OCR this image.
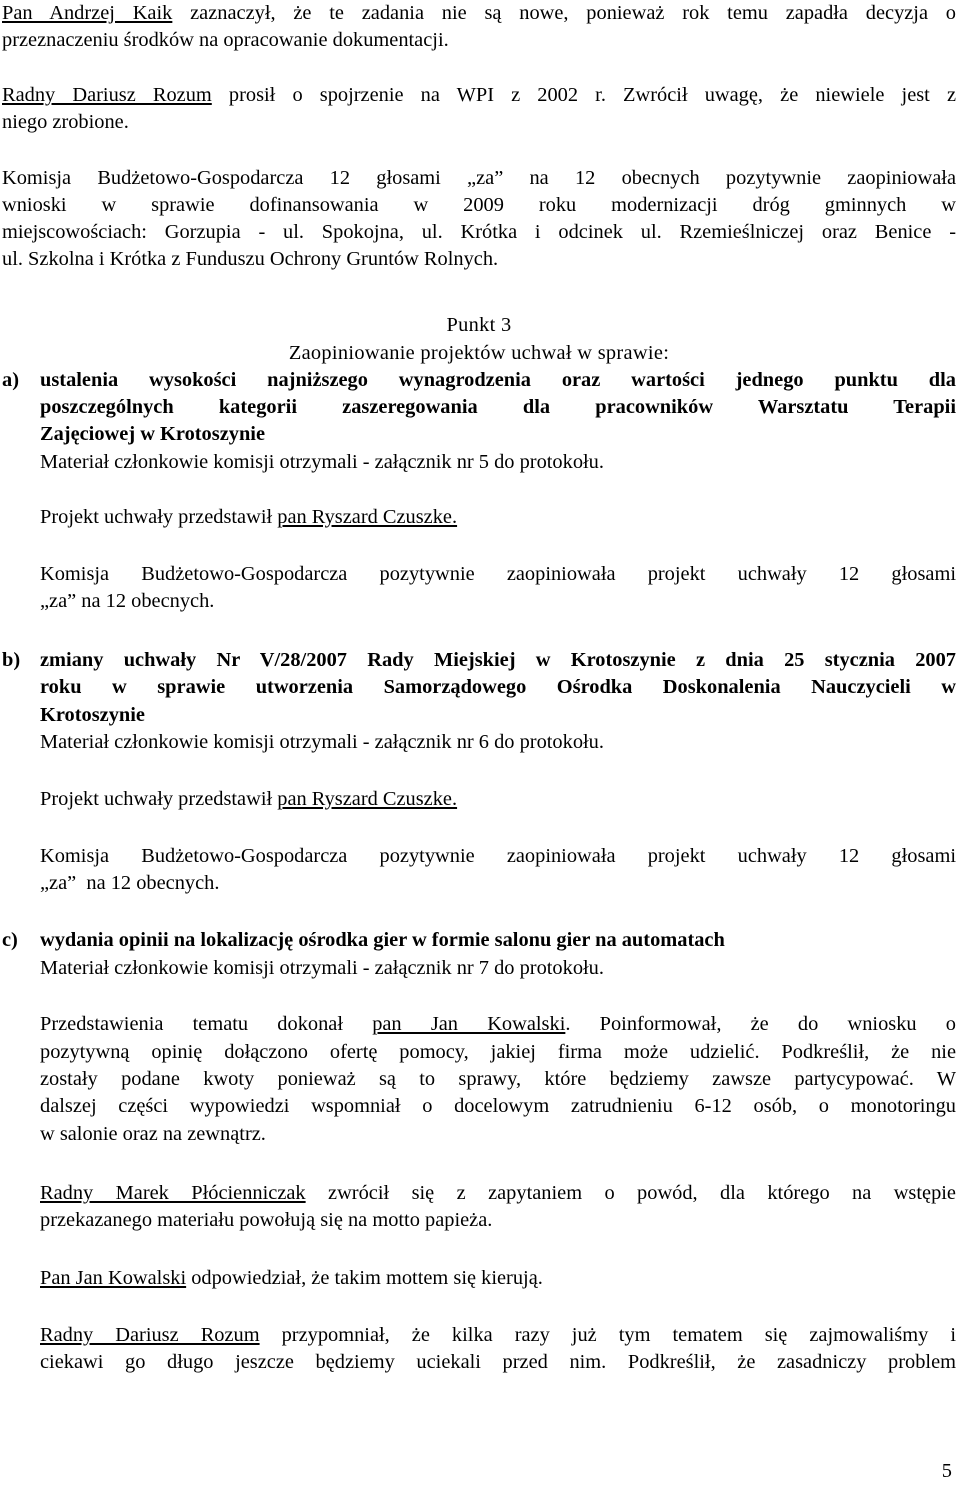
Pan Andrzej Kaik zaznaczył, że te zadania nie są nowe, ponieważ rok temu zapadła decyzja o

przeznaczeniu środków na opracowanie dokumentacji.

Radny Dariusz Rozum prosił o spojrzenie na WPI z 2002 r. Zwrócił uwagę, że niewiele jest z

niego zrobione.

Komisja Budżetowo-Gospodarcza 12 głosami „za” na 12 obecnych pozytywnie zaopiniowała

wnioski w sprawie dofinansowania w 2009 roku modernizacji dróg gminnych w

miejscowościach: Gorzupia - ul. Spokojna, ul. Krótka i odcinek ul. Rzemieślniczej oraz Benice -

ul. Szkolna i Krótka z Funduszu Ochrony Gruntów Rolnych.

Punkt 3

Zaopiniowanie projektów uchwał w sprawie:

a) ustalenia wysokości najniższego wynagrodzenia oraz wartości jednego punktu dla

poszczególnych kategorii zaszeregowania dla pracowników Warsztatu Terapii

Zajęciowej w Krotoszynie

Materiał członkowie komisji otrzymali - załącznik nr 5 do protokołu.

Projekt uchwały przedstawił pan Ryszard Czuszke.

Komisja Budżetowo-Gospodarcza pozytywnie zaopiniowała projekt uchwały 12 głosami

„za” na 12 obecnych.

b) zmiany uchwały Nr V/28/2007 Rady Miejskiej w Krotoszynie z dnia 25 stycznia 2007

roku w sprawie utworzenia Samorządowego Ośrodka Doskonalenia Nauczycieli w

Krotoszynie

Materiał członkowie komisji otrzymali - załącznik nr 6 do protokołu.

Projekt uchwały przedstawił pan Ryszard Czuszke.

Komisja Budżetowo-Gospodarcza pozytywnie zaopiniowała projekt uchwały 12 głosami

„za”  na 12 obecnych.

c) wydania opinii na lokalizację ośrodka gier w formie salonu gier na automatach

Materiał członkowie komisji otrzymali - załącznik nr 7 do protokołu.

Przedstawienia tematu dokonał pan Jan Kowalski. Poinformował, że do wniosku o

pozytywną opinię dołączono ofertę pomocy, jakiej firma może udzielić. Podkreślił, że nie

zostały podane kwoty ponieważ są to sprawy, które będziemy zawsze partycypować. W

dalszej części wypowiedzi wspomniał o docelowym zatrudnieniu 6-12 osób, o monotoringu

w salonie oraz na zewnątrz.

Radny Marek Płócienniczak zwrócił się z zapytaniem o powód, dla którego na wstępie

przekazanego materiału powołują się na motto papieża.

Pan Jan Kowalski odpowiedział, że takim mottem się kierują.

Radny Dariusz Rozum przypomniał, że kilka razy już tym tematem się zajmowaliśmy i

ciekawi go długo jeszcze będziemy uciekali przed nim. Podkreślił, że zasadniczy problem

5
